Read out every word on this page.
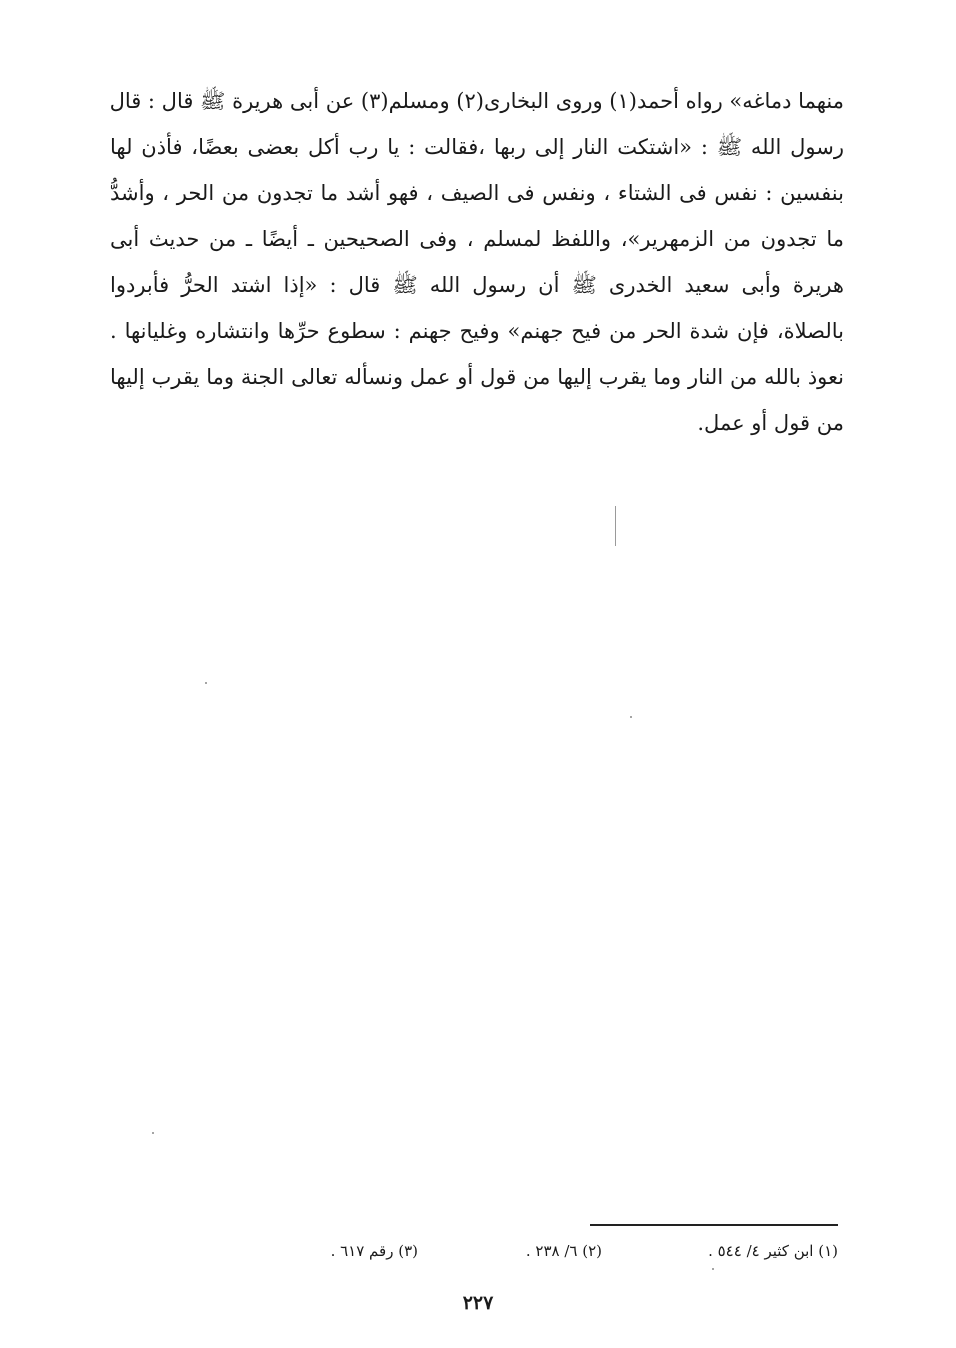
منهما دماغه» رواه أحمد(١) وروى البخارى(٢) ومسلم(٣) عن أبى هريرة ﷺ قال : قال
رسول الله ﷺ : «اشتكت النار إلى ربها ،فقالت : يا رب أكل بعضى بعضًا، فأذن لها
بنفسين : نفس فى الشتاء ، ونفس فى الصيف ، فهو أشد ما تجدون من الحر ، وأشدُّ
ما تجدون من الزمهرير»، واللفظ لمسلم ، وفى الصحيحين ـ أيضًا ـ من حديث أبى
هريرة وأبى سعيد الخدرى ﷺ أن رسول الله ﷺ قال : «إذا اشتد الحرُّ فأبردوا
بالصلاة، فإن شدة الحر من فيح جهنم» وفيح جهنم : سطوع حرِّها وانتشاره وغليانها .
نعوذ بالله من النار وما يقرب إليها من قول أو عمل ونسأله تعالى الجنة وما يقرب إليها
من قول أو عمل.
(١) ابن كثير ٤/ ٥٤٤ .
(٢) ٦/ ٢٣٨ .
(٣) رقم ٦١٧ .
٢٢٧
